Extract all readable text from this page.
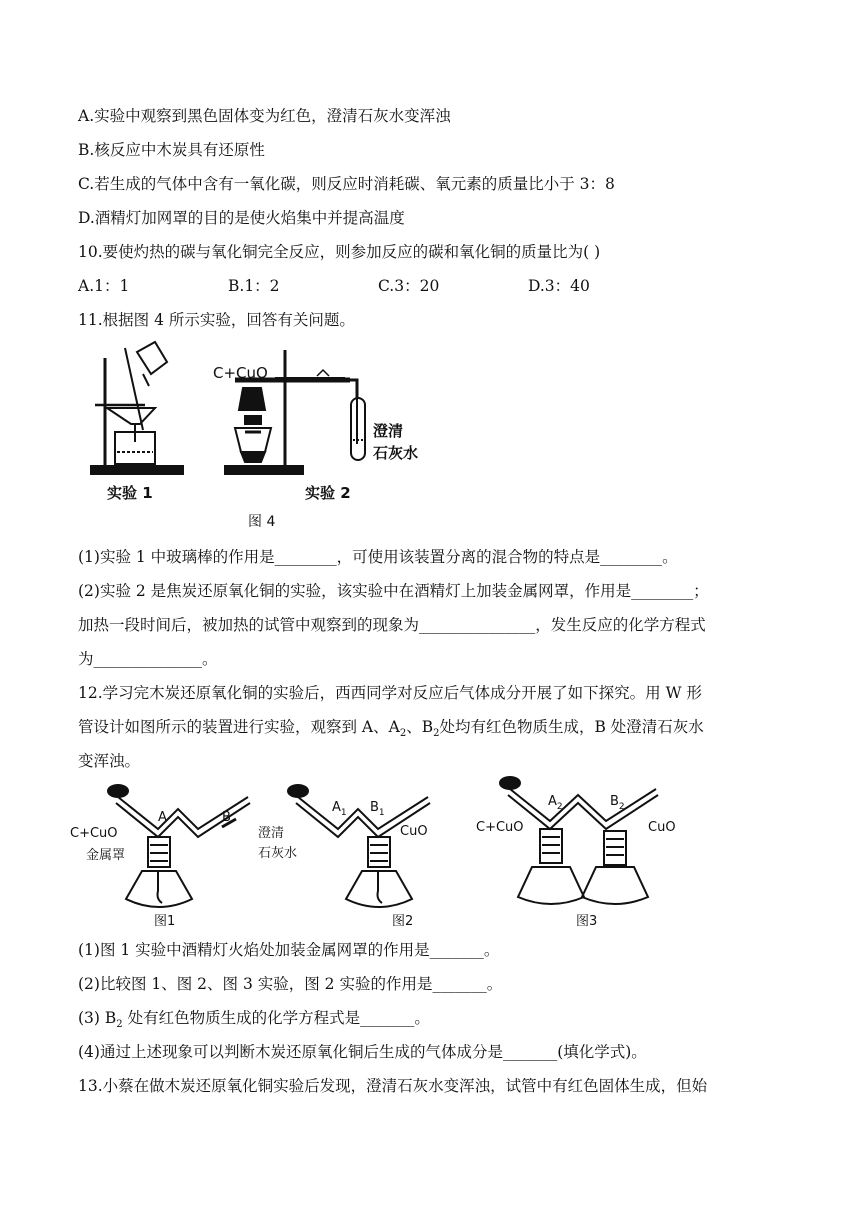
A.实验中观察到黑色固体变为红色，澄清石灰水变浑浊
B.核反应中木炭具有还原性
C.若生成的气体中含有一氧化碳，则反应时消耗碳、氧元素的质量比小于 3：8
D.酒精灯加网罩的目的是使火焰集中并提高温度
10.要使灼热的碳与氧化铜完全反应，则参加反应的碳和氧化铜的质量比为( )
A.1：1	B.1：2	C.3：20	D.3：40
11.根据图 4 所示实验，回答有关问题。
实验 1
图 4
C+CuO
澄清
石灰水
实验 2
(1)实验 1 中玻璃棒的作用是________，可使用该装置分离的混合物的特点是________。
(2)实验 2 是焦炭还原氧化铜的实验，该实验中在酒精灯上加装金属网罩，作用是________；
加热一段时间后，被加热的试管中观察到的现象为_______________，发生反应的化学方程式
为______________。
12.学习完木炭还原氧化铜的实验后，西西同学对反应后气体成分开展了如下探究。用 W 形
管设计如图所示的装置进行实验，观察到 A、$A_2$、$B_2$处均有红色物质生成，B 处澄清石灰水
变浑浊。
A	B
C+CuO
金属罩
澄清
石灰水
图1
$A_1$ $B_1$
CuO
图2
$A_2$	$B_2$
C+CuO	CuO
图3
(1)图 1 实验中酒精灯火焰处加装金属网罩的作用是_______。
(2)比较图 1、图 2、图 3 实验，图 2 实验的作用是_______。
(3) $B_2$ 处有红色物质生成的化学方程式是_______。
(4)通过上述现象可以判断木炭还原氧化铜后生成的气体成分是_______(填化学式)。
13.小蔡在做木炭还原氧化铜实验后发现，澄清石灰水变浑浊，试管中有红色固体生成，但始
